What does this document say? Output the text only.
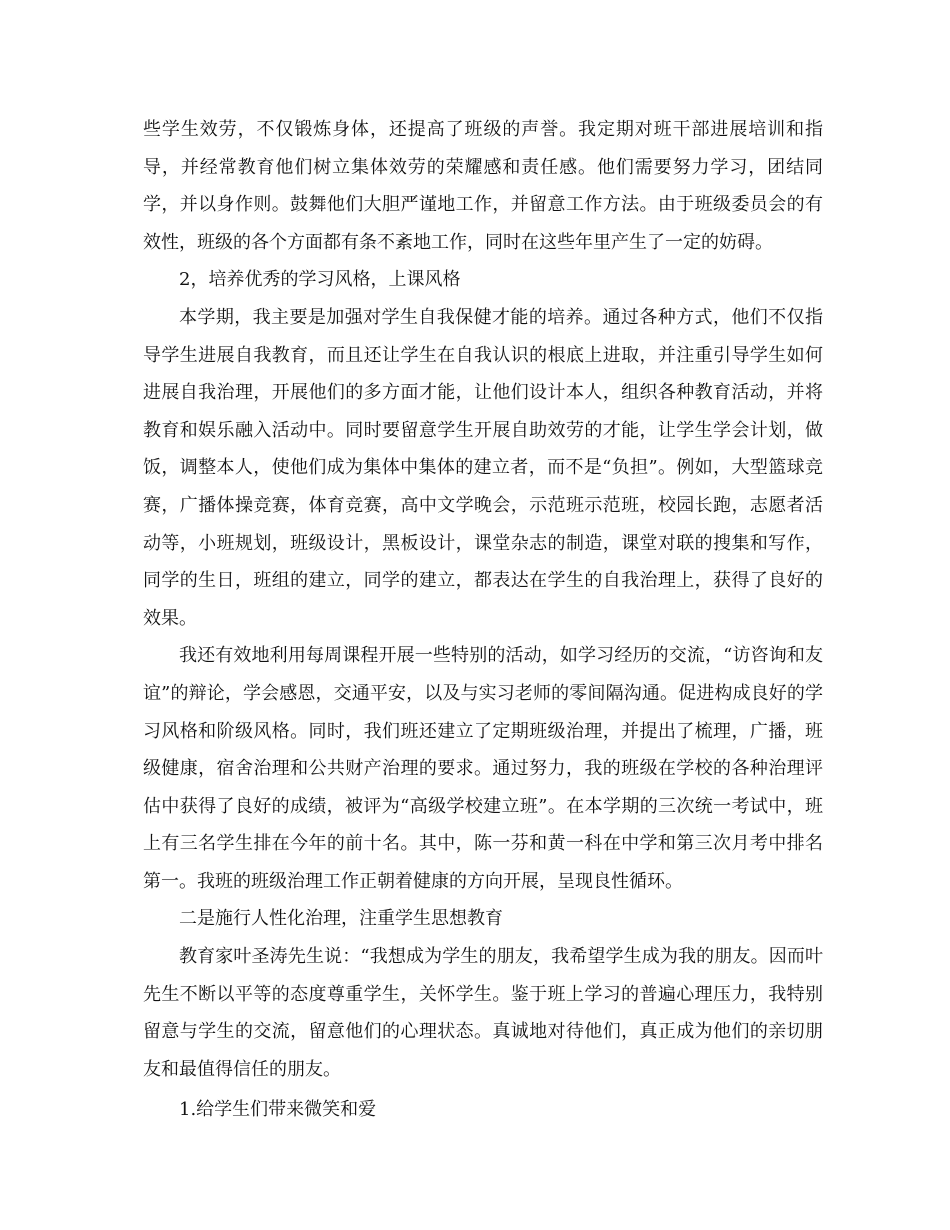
些学生效劳，不仅锻炼身体，还提高了班级的声誉。我定期对班干部进展培训和指导，并经常教育他们树立集体效劳的荣耀感和责任感。他们需要努力学习，团结同学，并以身作则。鼓舞他们大胆严谨地工作，并留意工作方法。由于班级委员会的有效性，班级的各个方面都有条不紊地工作，同时在这些年里产生了一定的妨碍。

2，培养优秀的学习风格，上课风格

本学期，我主要是加强对学生自我保健才能的培养。通过各种方式，他们不仅指导学生进展自我教育，而且还让学生在自我认识的根底上进取，并注重引导学生如何进展自我治理，开展他们的多方面才能，让他们设计本人，组织各种教育活动，并将教育和娱乐融入活动中。同时要留意学生开展自助效劳的才能，让学生学会计划，做饭，调整本人，使他们成为集体中集体的建立者，而不是“负担”。例如，大型篮球竞赛，广播体操竞赛，体育竞赛，高中文学晚会，示范班示范班，校园长跑，志愿者活动等，小班规划，班级设计，黑板设计，课堂杂志的制造，课堂对联的搜集和写作，同学的生日，班组的建立，同学的建立，都表达在学生的自我治理上，获得了良好的效果。

我还有效地利用每周课程开展一些特别的活动，如学习经历的交流，“访咨询和友谊”的辩论，学会感恩，交通平安，以及与实习老师的零间隔沟通。促进构成良好的学习风格和阶级风格。同时，我们班还建立了定期班级治理，并提出了梳理，广播，班级健康，宿舍治理和公共财产治理的要求。通过努力，我的班级在学校的各种治理评估中获得了良好的成绩，被评为“高级学校建立班”。在本学期的三次统一考试中，班上有三名学生排在今年的前十名。其中，陈一芬和黄一科在中学和第三次月考中排名第一。我班的班级治理工作正朝着健康的方向开展，呈现良性循环。

二是施行人性化治理，注重学生思想教育

教育家叶圣涛先生说：“我想成为学生的朋友，我希望学生成为我的朋友。因而叶先生不断以平等的态度尊重学生，关怀学生。鉴于班上学习的普遍心理压力，我特别留意与学生的交流，留意他们的心理状态。真诚地对待他们，真正成为他们的亲切朋友和最值得信任的朋友。

1.给学生们带来微笑和爱
